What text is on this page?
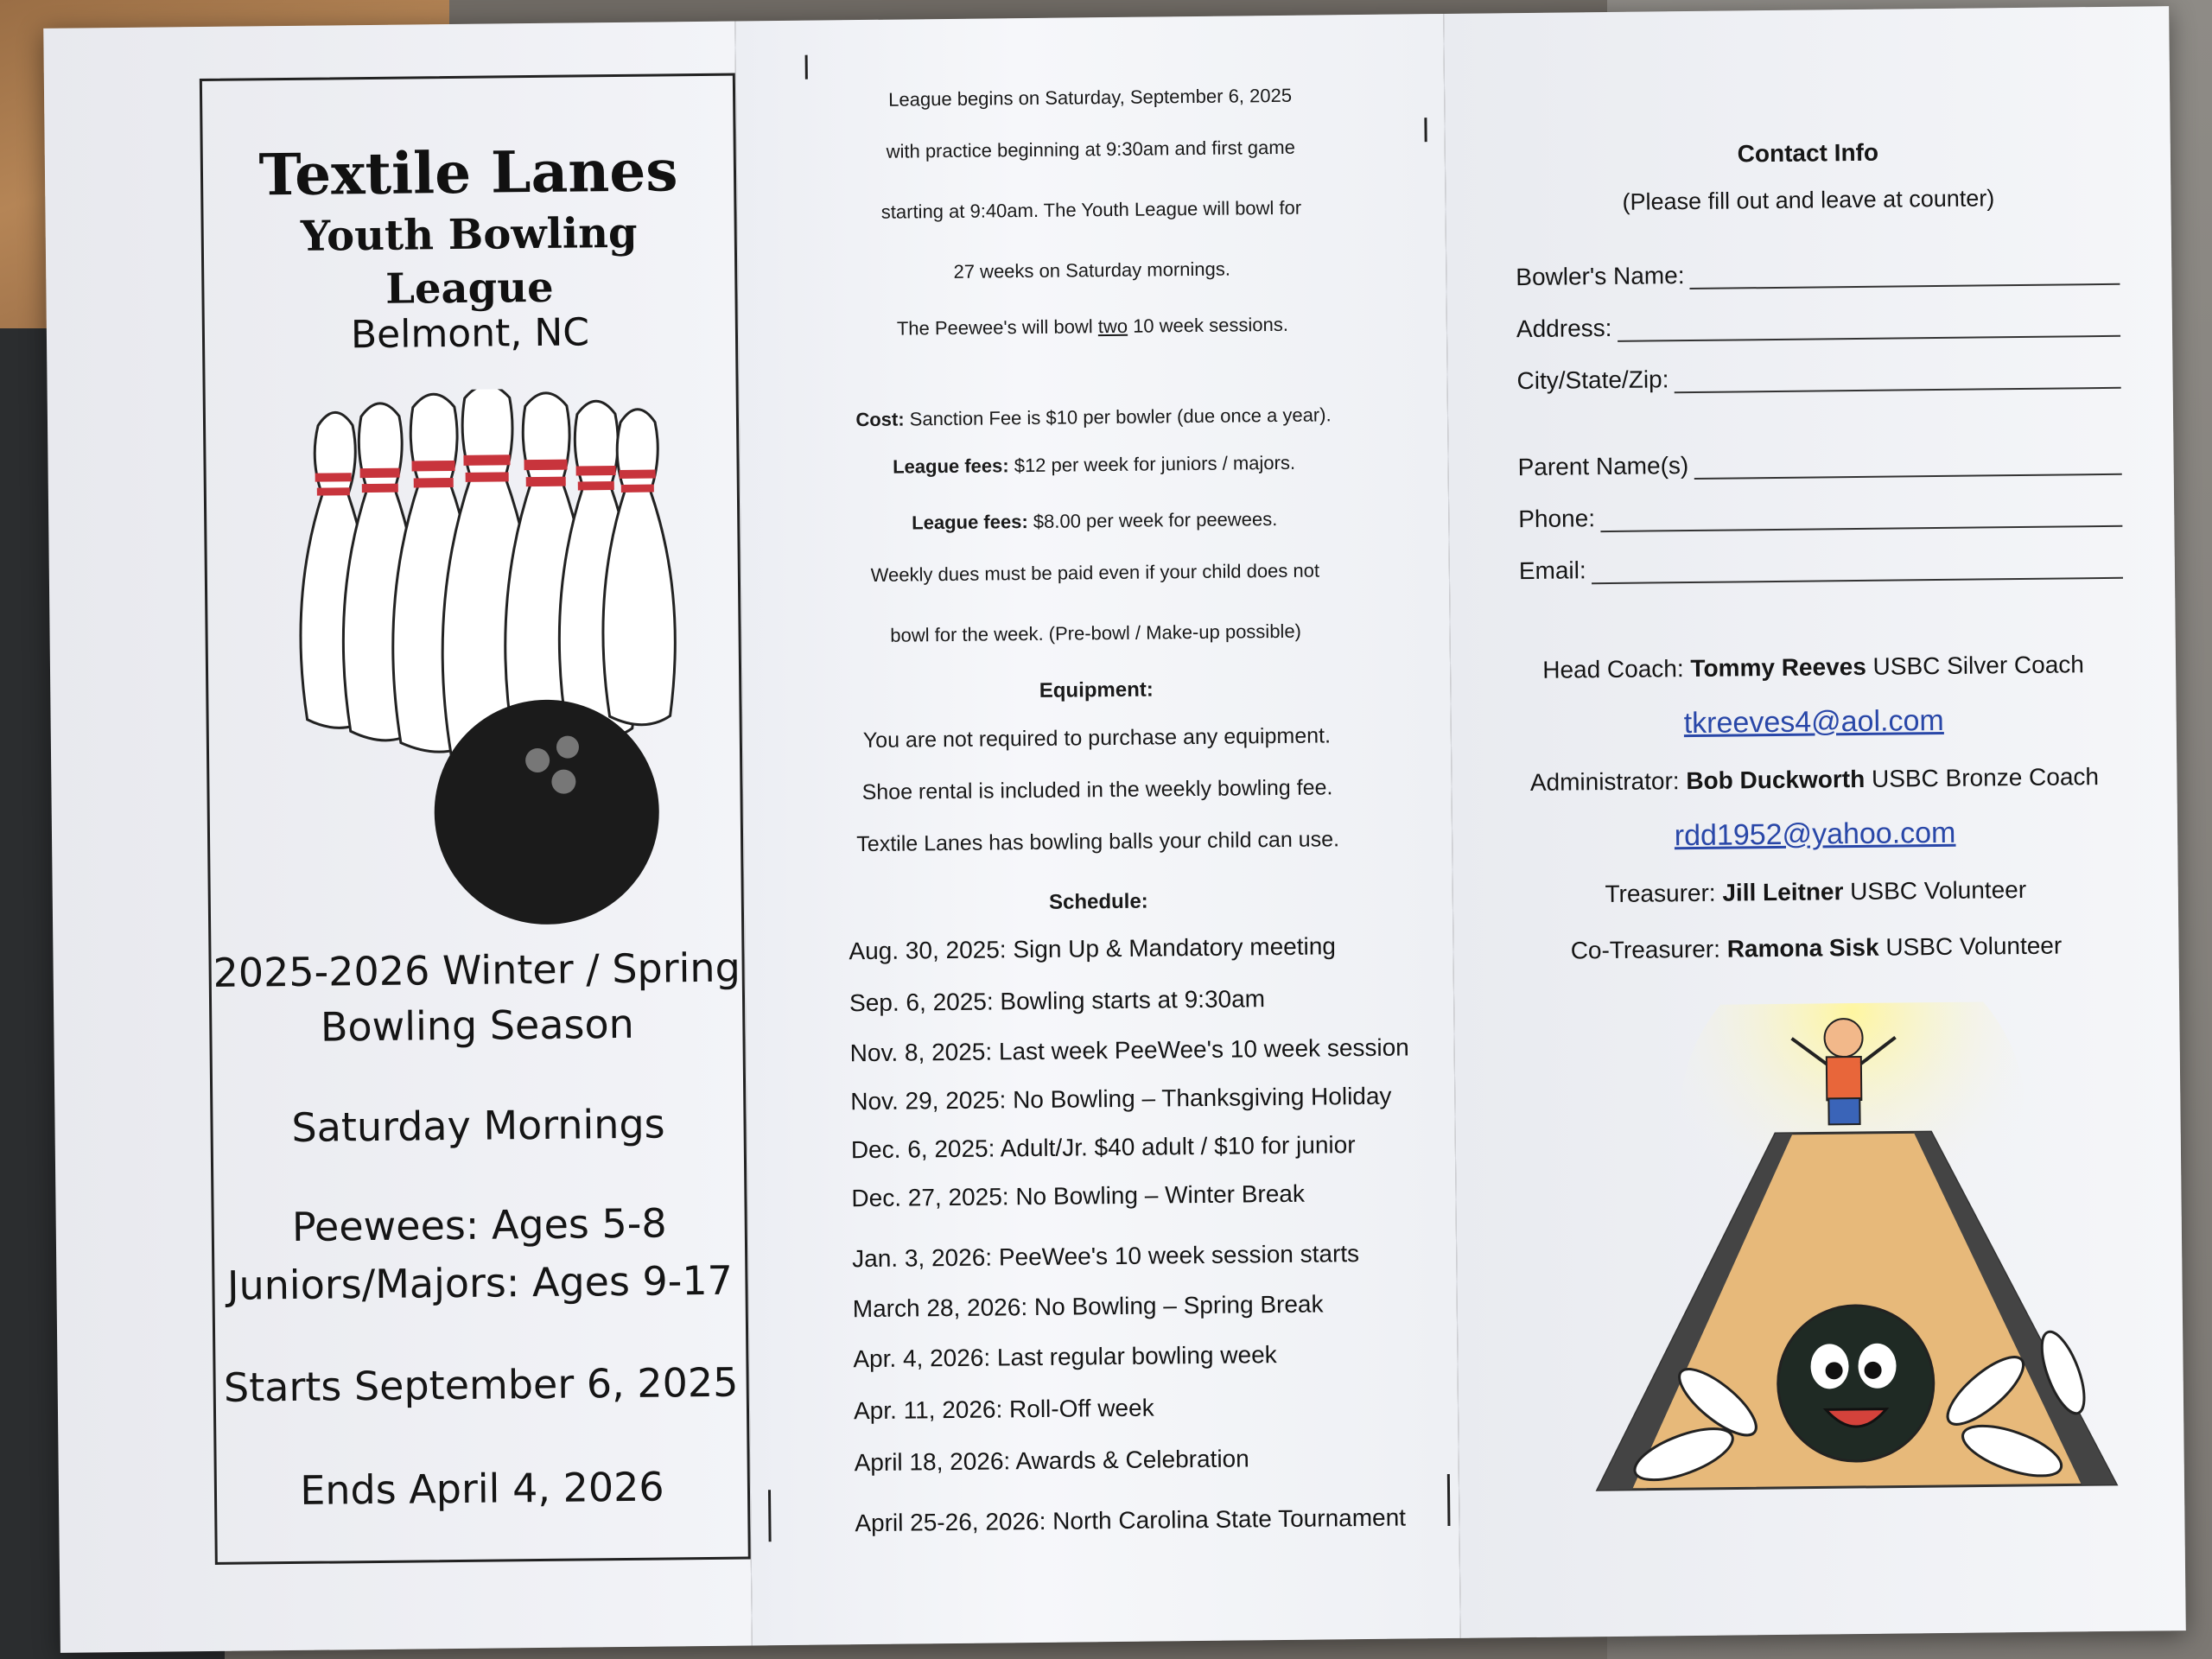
Textile Lanes
Youth Bowling League
Belmont, NC
2025-2026 Winter / Spring
Bowling Season
Saturday Mornings
Peewees: Ages 5-8
Juniors/Majors: Ages 9-17
Starts September 6, 2025
Ends April 4, 2026
League begins on Saturday, September 6, 2025
with practice beginning at 9:30am and first game
starting at 9:40am. The Youth League will bowl for
27 weeks on Saturday mornings.
The Peewee's will bowl two 10 week sessions.
Cost: Sanction Fee is $10 per bowler (due once a year).
League fees: $12 per week for juniors / majors.
League fees: $8.00 per week for peewees.
Weekly dues must be paid even if your child does not
bowl for the week. (Pre-bowl / Make-up possible)
Equipment:
You are not required to purchase any equipment.
Shoe rental is included in the weekly bowling fee.
Textile Lanes has bowling balls your child can use.
Schedule:
Aug. 30, 2025: Sign Up & Mandatory meeting
Sep. 6, 2025: Bowling starts at 9:30am
Nov. 8, 2025: Last week PeeWee's 10 week session
Nov. 29, 2025: No Bowling – Thanksgiving Holiday
Dec. 6, 2025: Adult/Jr. $40 adult / $10 for junior
Dec. 27, 2025: No Bowling – Winter Break
Jan. 3, 2026: PeeWee's 10 week session starts
March 28, 2026: No Bowling – Spring Break
Apr. 4, 2026: Last regular bowling week
Apr. 11, 2026: Roll-Off week
April 18, 2026: Awards & Celebration
April 25-26, 2026: North Carolina State Tournament
Contact Info
(Please fill out and leave at counter)
Bowler's Name:
Address:
City/State/Zip:
Parent Name(s)
Phone:
Email:
Head Coach: Tommy Reeves USBC Silver Coach
tkreeves4@aol.com
Administrator: Bob Duckworth USBC Bronze Coach
rdd1952@yahoo.com
Treasurer: Jill Leitner USBC Volunteer
Co-Treasurer: Ramona Sisk USBC Volunteer
